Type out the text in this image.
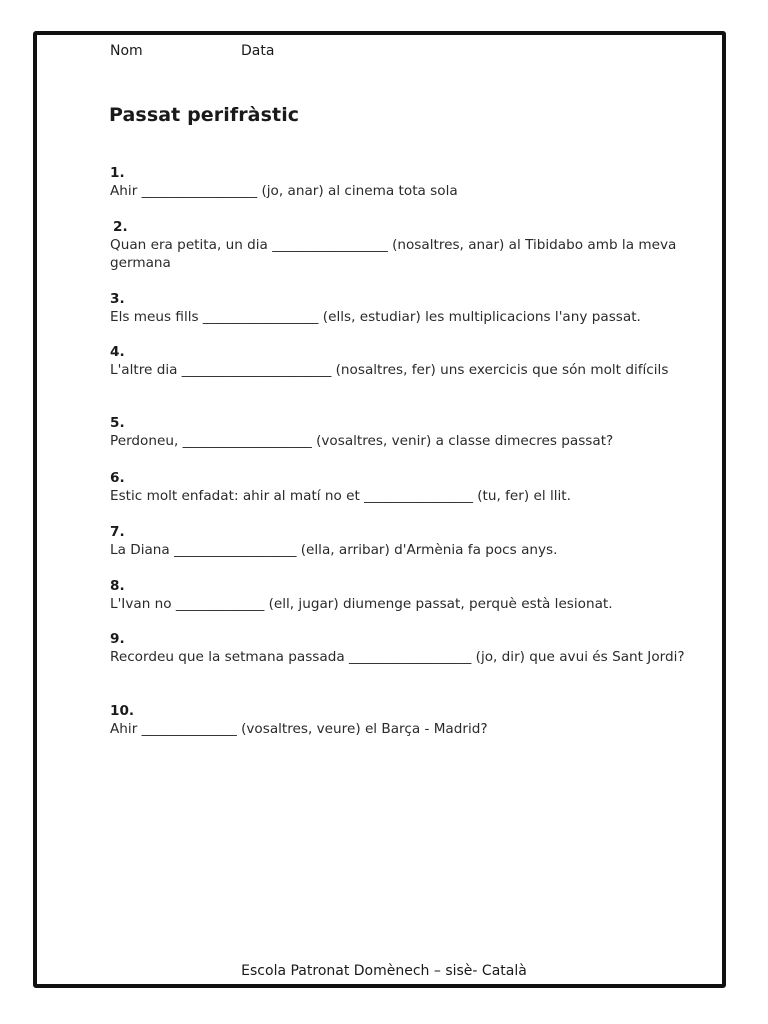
Nom	Data
Passat perifràstic
1.
Ahir _________________ (jo, anar) al cinema tota sola
2.
Quan era petita, un dia _________________ (nosaltres, anar) al Tibidabo amb la meva germana
3.
Els meus fills _________________ (ells, estudiar) les multiplicacions l'any passat.
4.
L'altre dia ______________________ (nosaltres, fer) uns exercicis que són molt difícils
5.
Perdoneu, ___________________ (vosaltres, venir) a classe dimecres passat?
6.
Estic molt enfadat: ahir al matí no et ________________ (tu, fer) el llit.
7.
La Diana __________________ (ella, arribar) d'Armènia fa pocs anys.
8.
L'Ivan no _____________ (ell, jugar) diumenge passat, perquè està lesionat.
9.
Recordeu que la setmana passada __________________ (jo, dir) que avui és Sant Jordi?
10.
Ahir ______________ (vosaltres, veure) el Barça - Madrid?
Escola Patronat Domènech – sisè- Català
